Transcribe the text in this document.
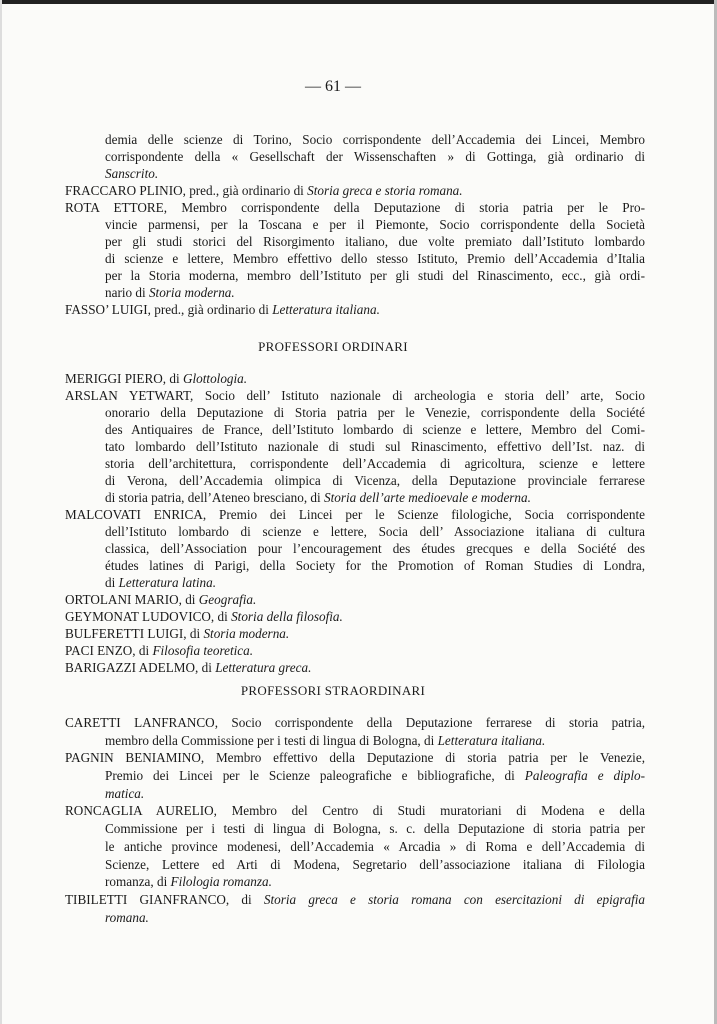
— 61 —
demia delle scienze di Torino, Socio corrispondente dell’Accademia dei Lincei, Membro
corrispondente della « Gesellschaft der Wissenschaften » di Gottinga, già ordinario di
Sanscrito.
FRACCARO PLINIO, pred., già ordinario di Storia greca e storia romana.
ROTA ETTORE, Membro corrispondente della Deputazione di storia patria per le Pro-
vincie parmensi, per la Toscana e per il Piemonte, Socio corrispondente della Società
per gli studi storici del Risorgimento italiano, due volte premiato dall’Istituto lombardo
di scienze e lettere, Membro effettivo dello stesso Istituto, Premio dell’Accademia d’Italia
per la Storia moderna, membro dell’Istituto per gli studi del Rinascimento, ecc., già ordi-
nario di Storia moderna.
FASSO’ LUIGI, pred., già ordinario di Letteratura italiana.
PROFESSORI ORDINARI
MERIGGI PIERO, di Glottologia.
ARSLAN YETWART, Socio dell’ Istituto nazionale di archeologia e storia dell’ arte, Socio
onorario della Deputazione di Storia patria per le Venezie, corrispondente della Société
des Antiquaires de France, dell’Istituto lombardo di scienze e lettere, Membro del Comi-
tato lombardo dell’Istituto nazionale di studi sul Rinascimento, effettivo dell’Ist. naz. di
storia dell’architettura, corrispondente dell’Accademia di agricoltura, scienze e lettere
di Verona, dell’Accademia olimpica di Vicenza, della Deputazione provinciale ferrarese
di storia patria, dell’Ateneo bresciano, di Storia dell’arte medioevale e moderna.
MALCOVATI ENRICA, Premio dei Lincei per le Scienze filologiche, Socia corrispondente
dell’Istituto lombardo di scienze e lettere, Socia dell’ Associazione italiana di cultura
classica, dell’Association pour l’encouragement des études grecques e della Société des
études latines di Parigi, della Society for the Promotion of Roman Studies di Londra,
di Letteratura latina.
ORTOLANI MARIO, di Geografia.
GEYMONAT LUDOVICO, di Storia della filosofia.
BULFERETTI LUIGI, di Storia moderna.
PACI ENZO, di Filosofia teoretica.
BARIGAZZI ADELMO, di Letteratura greca.
PROFESSORI STRAORDINARI
CARETTI LANFRANCO, Socio corrispondente della Deputazione ferrarese di storia patria,
membro della Commissione per i testi di lingua di Bologna, di Letteratura italiana.
PAGNIN BENIAMINO, Membro effettivo della Deputazione di storia patria per le Venezie,
Premio dei Lincei per le Scienze paleografiche e bibliografiche, di Paleografia e diplo-
matica.
RONCAGLIA AURELIO, Membro del Centro di Studi muratoriani di Modena e della
Commissione per i testi di lingua di Bologna, s. c. della Deputazione di storia patria per
le antiche province modenesi, dell’Accademia « Arcadia » di Roma e dell’Accademia di
Scienze, Lettere ed Arti di Modena, Segretario dell’associazione italiana di Filologia
romanza, di Filologia romanza.
TIBILETTI GIANFRANCO, di Storia greca e storia romana con esercitazioni di epigrafia
romana.
